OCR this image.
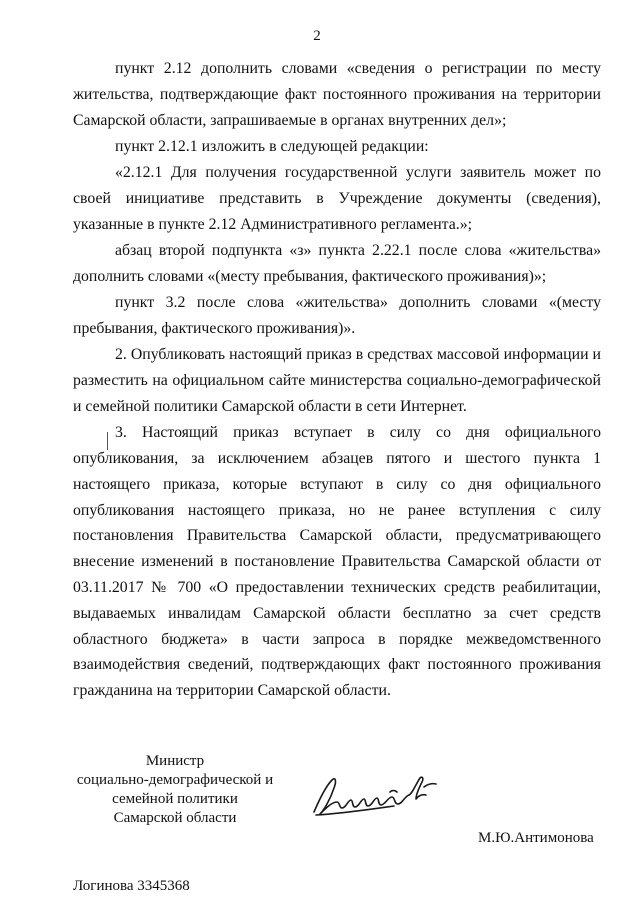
2

пункт 2.12 дополнить словами «сведения о регистрации по месту жительства, подтверждающие факт постоянного проживания на территории Самарской области, запрашиваемые в органах внутренних дел»;

пункт 2.12.1 изложить в следующей редакции:

«2.12.1 Для получения государственной услуги заявитель может по своей инициативе представить в Учреждение документы (сведения), указанные в пункте 2.12 Административного регламента.»;

абзац второй подпункта «з» пункта 2.22.1 после слова «жительства» дополнить словами «(месту пребывания, фактического проживания)»;

пункт 3.2 после слова «жительства» дополнить словами «(месту пребывания, фактического проживания)».

2. Опубликовать настоящий приказ в средствах массовой информации и разместить на официальном сайте министерства социально-демографической и семейной политики Самарской области в сети Интернет.

3. Настоящий приказ вступает в силу со дня официального опубликования, за исключением абзацев пятого и шестого пункта 1 настоящего приказа, которые вступают в силу со дня официального опубликования настоящего приказа, но не ранее вступления с силу постановления Правительства Самарской области, предусматривающего внесение изменений в постановление Правительства Самарской области от 03.11.2017 № 700 «О предоставлении технических средств реабилитации, выдаваемых инвалидам Самарской области бесплатно за счет средств областного бюджета» в части запроса в порядке межведомственного взаимодействия сведений, подтверждающих факт постоянного проживания гражданина на территории Самарской области.

Министр
социально-демографической и
семейной политики
Самарской области
М.Ю.Антимонова
Логинова 3345368
